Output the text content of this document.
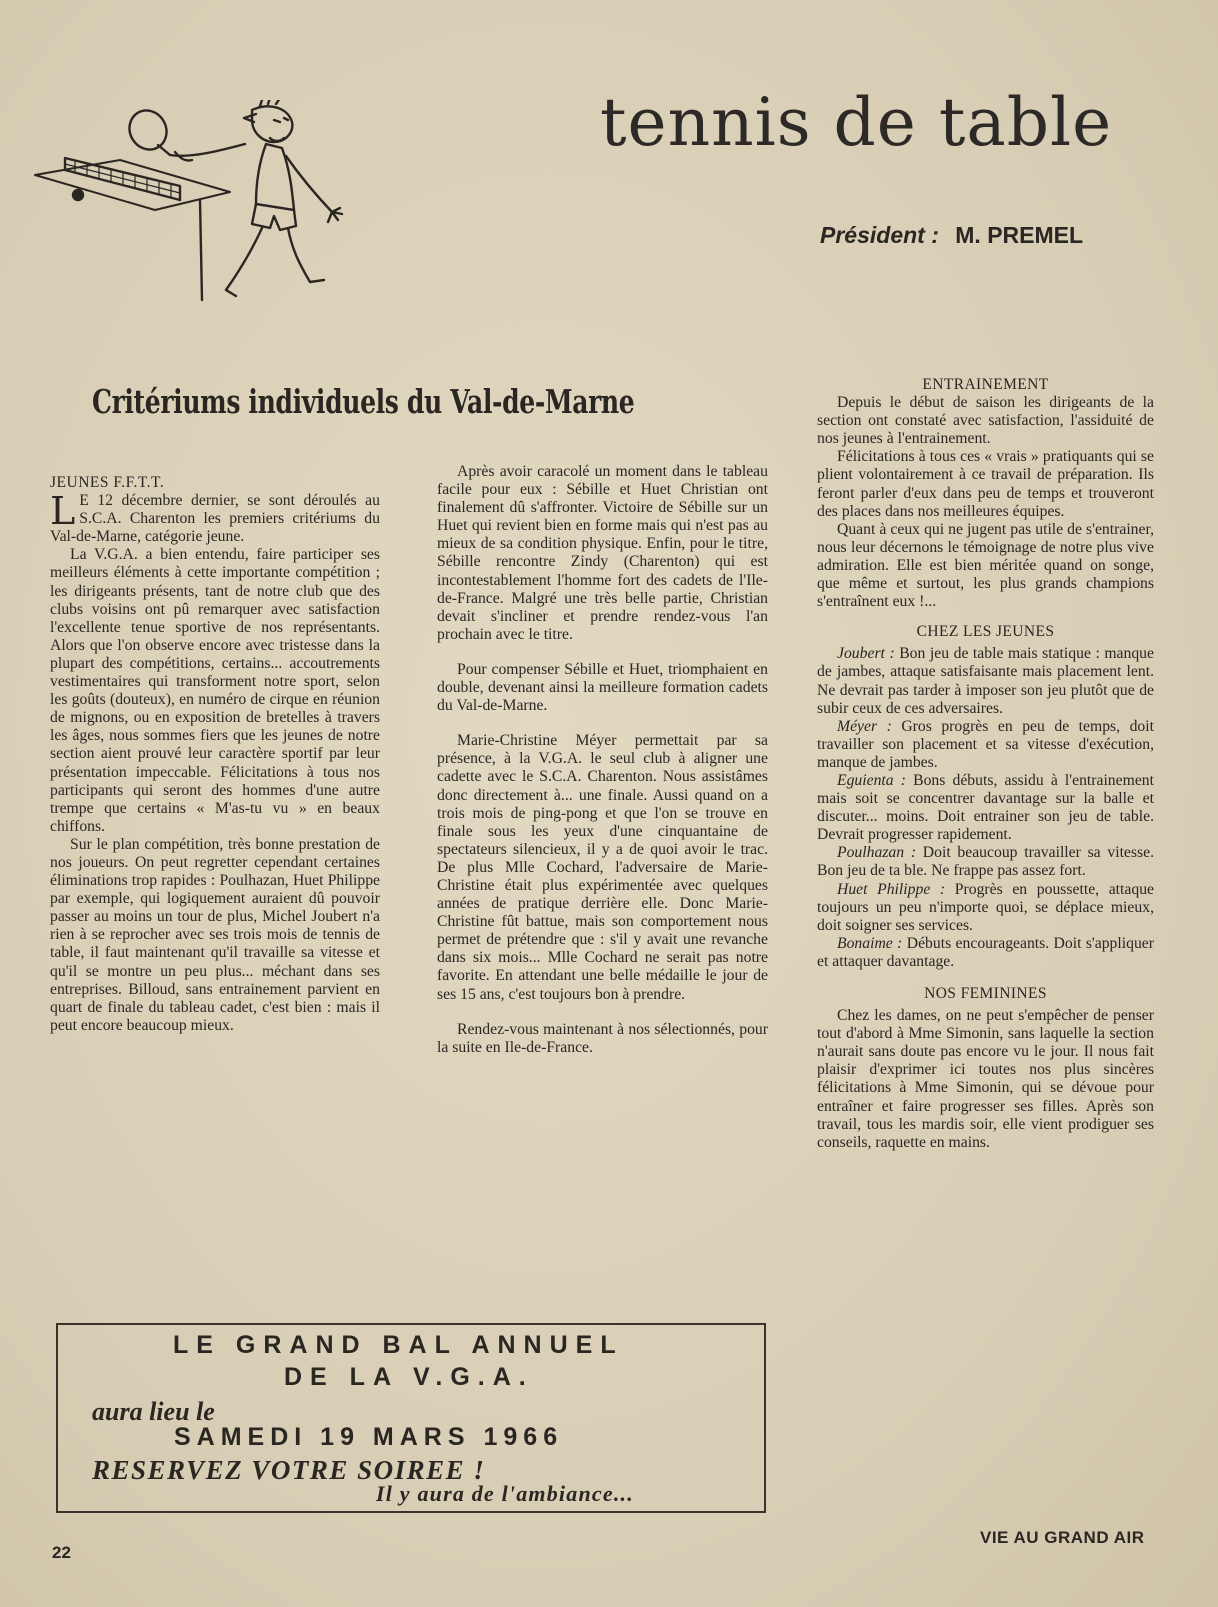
tennis de table
Président : M. PREMEL
Critériums individuels du Val-de-Marne

JEUNES F.F.T.T.

L E 12 décembre dernier, se sont déroulés au S.C.A. Charenton les premiers critériums du Val-de-Marne, catégorie jeune.

La V.G.A. a bien entendu, faire participer ses meilleurs éléments à cette importante compétition ; les dirigeants présents, tant de notre club que des clubs voisins ont pû remarquer avec satisfaction l'excellente tenue sportive de nos représentants. Alors que l'on observe encore avec tristesse dans la plupart des compétitions, certains... accoutrements vestimentaires qui transforment notre sport, selon les goûts (douteux), en numéro de cirque en réunion de mignons, ou en exposition de bretelles à travers les âges, nous sommes fiers que les jeunes de notre section aient prouvé leur caractère sportif par leur présentation impeccable. Félicitations à tous nos participants qui seront des hommes d'une autre trempe que certains « M'as-tu vu » en beaux chiffons.

Sur le plan compétition, très bonne prestation de nos joueurs. On peut regretter cependant certaines éliminations trop rapides : Poulhazan, Huet Philippe par exemple, qui logiquement auraient dû pouvoir passer au moins un tour de plus, Michel Joubert n'a rien à se reprocher avec ses trois mois de tennis de table, il faut maintenant qu'il travaille sa vitesse et qu'il se montre un peu plus... méchant dans ses entreprises. Billoud, sans entrainement parvient en quart de finale du tableau cadet, c'est bien : mais il peut encore beaucoup mieux.

Après avoir caracolé un moment dans le tableau facile pour eux : Sébille et Huet Christian ont finalement dû s'affronter. Victoire de Sébille sur un Huet qui revient bien en forme mais qui n'est pas au mieux de sa condition physique. Enfin, pour le titre, Sébille rencontre Zindy (Charenton) qui est incontestablement l'homme fort des cadets de l'Ile-de-France. Malgré une très belle partie, Christian devait s'incliner et prendre rendez-vous l'an prochain avec le titre.

Pour compenser Sébille et Huet, triomphaient en double, devenant ainsi la meilleure formation cadets du Val-de-Marne.

Marie-Christine Méyer permettait par sa présence, à la V.G.A. le seul club à aligner une cadette avec le S.C.A. Charenton. Nous assistâmes donc directement à... une finale. Aussi quand on a trois mois de ping-pong et que l'on se trouve en finale sous les yeux d'une cinquantaine de spectateurs silencieux, il y a de quoi avoir le trac. De plus Mlle Cochard, l'adversaire de Marie-Christine était plus expérimentée avec quelques années de pratique derrière elle. Donc Marie-Christine fût battue, mais son comportement nous permet de prétendre que : s'il y avait une revanche dans six mois... Mlle Cochard ne serait pas notre favorite. En attendant une belle médaille le jour de ses 15 ans, c'est toujours bon à prendre.

Rendez-vous maintenant à nos sélectionnés, pour la suite en Ile-de-France.

ENTRAINEMENT

Depuis le début de saison les dirigeants de la section ont constaté avec satisfaction, l'assiduité de nos jeunes à l'entrainement.

Félicitations à tous ces « vrais » pratiquants qui se plient volontairement à ce travail de préparation. Ils feront parler d'eux dans peu de temps et trouveront des places dans nos meilleures équipes.

Quant à ceux qui ne jugent pas utile de s'entrainer, nous leur décernons le témoignage de notre plus vive admiration. Elle est bien méritée quand on songe, que même et surtout, les plus grands champions s'entraînent eux !...

CHEZ LES JEUNES

Joubert : Bon jeu de table mais statique : manque de jambes, attaque satisfaisante mais placement lent. Ne devrait pas tarder à imposer son jeu plutôt que de subir ceux de ces adversaires.

Méyer : Gros progrès en peu de temps, doit travailler son placement et sa vitesse d'exécution, manque de jambes.

Eguienta : Bons débuts, assidu à l'entrainement mais soit se concentrer davantage sur la balle et discuter... moins. Doit entrainer son jeu de table. Devrait progresser rapidement.

Poulhazan : Doit beaucoup travailler sa vitesse. Bon jeu de ta ble. Ne frappe pas assez fort.

Huet Philippe : Progrès en poussette, attaque toujours un peu n'importe quoi, se déplace mieux, doit soigner ses services.

Bonaime : Débuts encourageants. Doit s'appliquer et attaquer davantage.

NOS FEMININES

Chez les dames, on ne peut s'empêcher de penser tout d'abord à Mme Simonin, sans laquelle la section n'aurait sans doute pas encore vu le jour. Il nous fait plaisir d'exprimer ici toutes nos plus sincères félicitations à Mme Simonin, qui se dévoue pour entraîner et faire progresser ses filles. Après son travail, tous les mardis soir, elle vient prodiguer ses conseils, raquette en mains.

LE GRAND BAL ANNUEL
DE LA V.G.A.
aura lieu le
SAMEDI 19 MARS 1966
RESERVEZ VOTRE SOIREE !
Il y aura de l'ambiance...
22
VIE AU GRAND AIR
